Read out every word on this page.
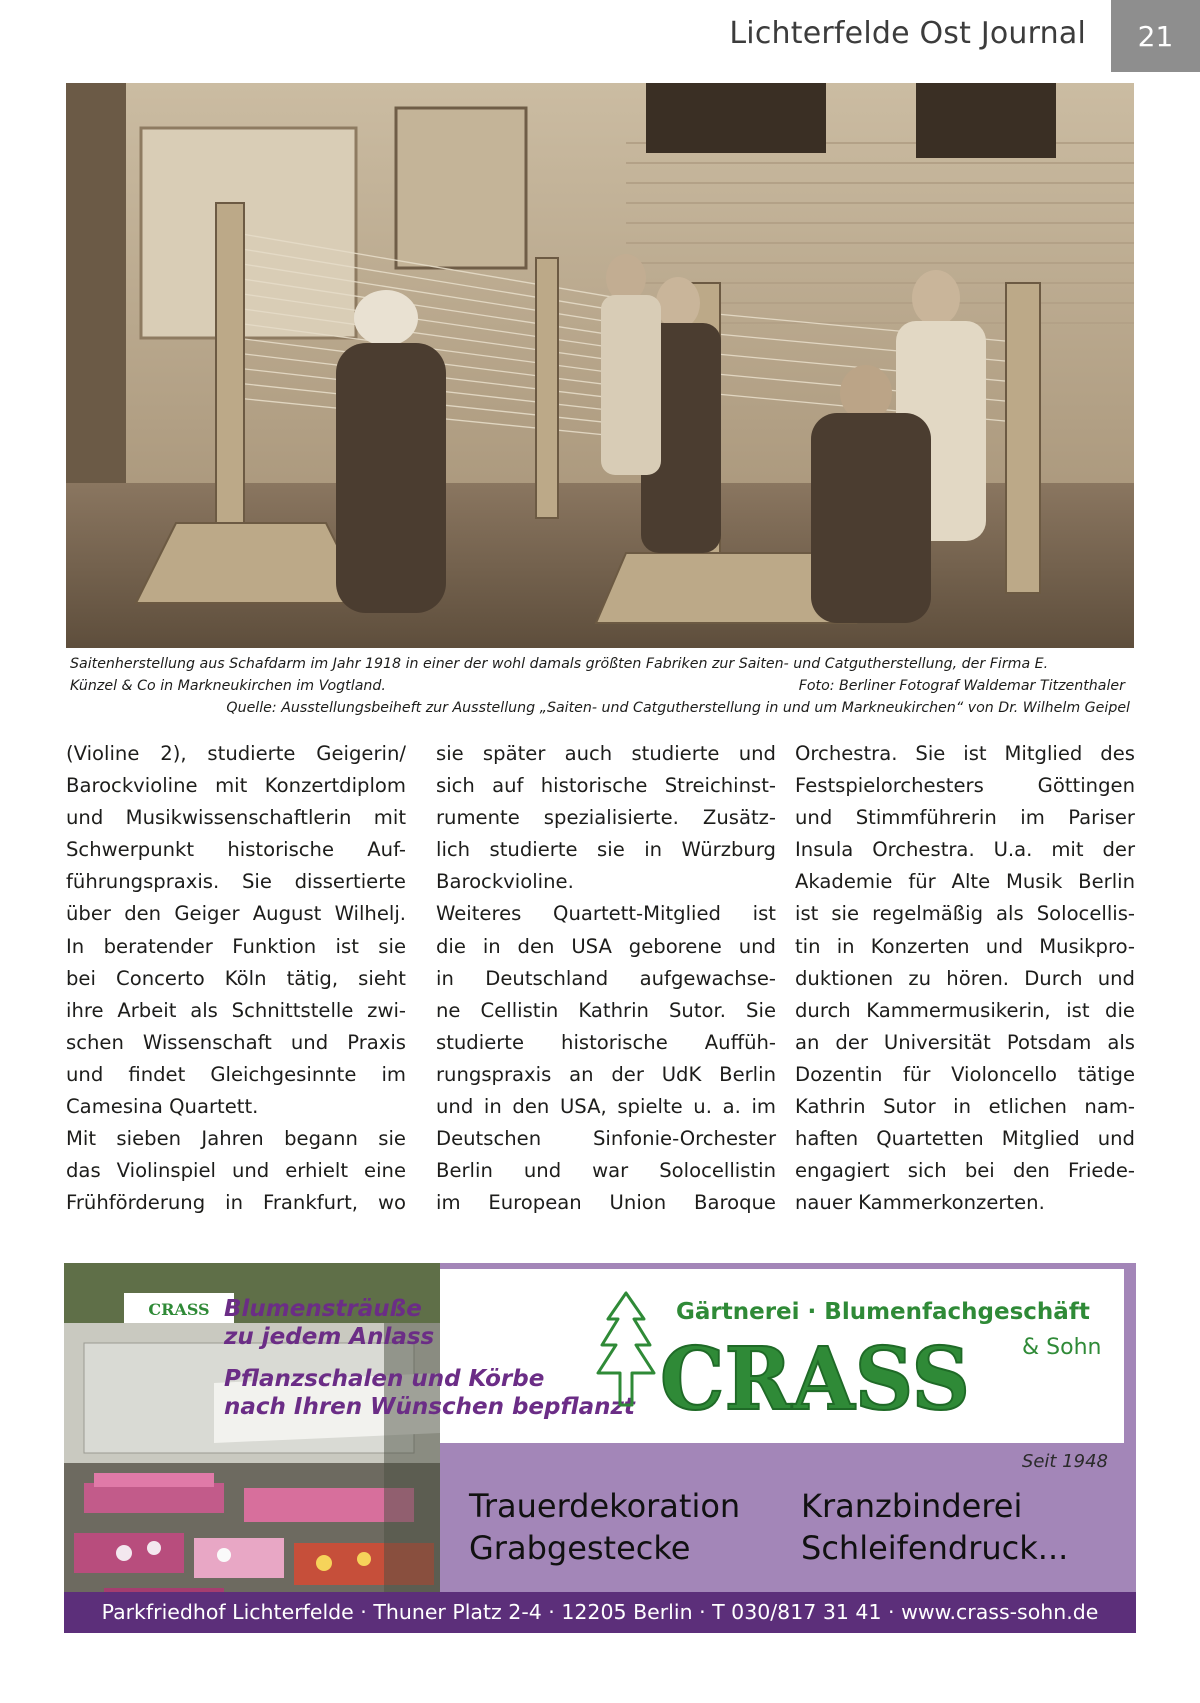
Lichterfelde Ost Journal	21
Saitenherstellung aus Schafdarm im Jahr 1918 in einer der wohl damals größten Fabriken zur Saiten- und Catgutherstellung, der Firma E.
Künzel & Co in Markneukirchen im Vogtland.	Foto: Berliner Fotograf Waldemar Titzenthaler
Quelle: Ausstellungsbeiheft zur Ausstellung „Saiten- und Catgutherstellung in und um Markneukirchen“ von Dr. Wilhelm Geipel
(Violine 2), studierte Geigerin/
Barockvioline mit Konzertdiplom
und Musikwissenschaftlerin mit
Schwerpunkt historische Auf-
führungspraxis. Sie dissertierte
über den Geiger August Wilhelj.
In beratender Funktion ist sie
bei Concerto Köln tätig, sieht
ihre Arbeit als Schnittstelle zwi-
schen Wissenschaft und Praxis
und findet Gleichgesinnte im
Camesina Quartett.
Mit sieben Jahren begann sie
das Violinspiel und erhielt eine
Frühförderung in Frankfurt, wo
sie später auch studierte und
sich auf historische Streichinst-
rumente spezialisierte. Zusätz-
lich studierte sie in Würzburg
Barockvioline.
Weiteres Quartett-Mitglied ist
die in den USA geborene und
in Deutschland aufgewachse-
ne Cellistin Kathrin Sutor. Sie
studierte historische Auffüh-
rungspraxis an der UdK Berlin
und in den USA, spielte u. a. im
Deutschen Sinfonie-Orchester
Berlin und war Solocellistin
im European Union Baroque
Orchestra. Sie ist Mitglied des
Festspielorchesters Göttingen
und Stimmführerin im Pariser
Insula Orchestra. U.a. mit der
Akademie für Alte Musik Berlin
ist sie regelmäßig als Solocellis-
tin in Konzerten und Musikpro-
duktionen zu hören. Durch und
durch Kammermusikerin, ist die
an der Universität Potsdam als
Dozentin für Violoncello tätige
Kathrin Sutor in etlichen nam-
haften Quartetten Mitglied und
engagiert sich bei den Friede-
nauer Kammerkonzerten.
CRASS Blumensträuße
zu jedem Anlass
Pflanzschalen und Körbe
nach Ihren Wünschen bepflanzt
Gärtnerei · Blumenfachgeschäft
CRASS & Sohn
Seit 1948
Trauerdekoration
Grabgestecke
Kranzbinderei
Schleifendruck...
Parkfriedhof Lichterfelde · Thuner Platz 2-4 · 12205 Berlin · T 030/817 31 41 · www.crass-sohn.de
